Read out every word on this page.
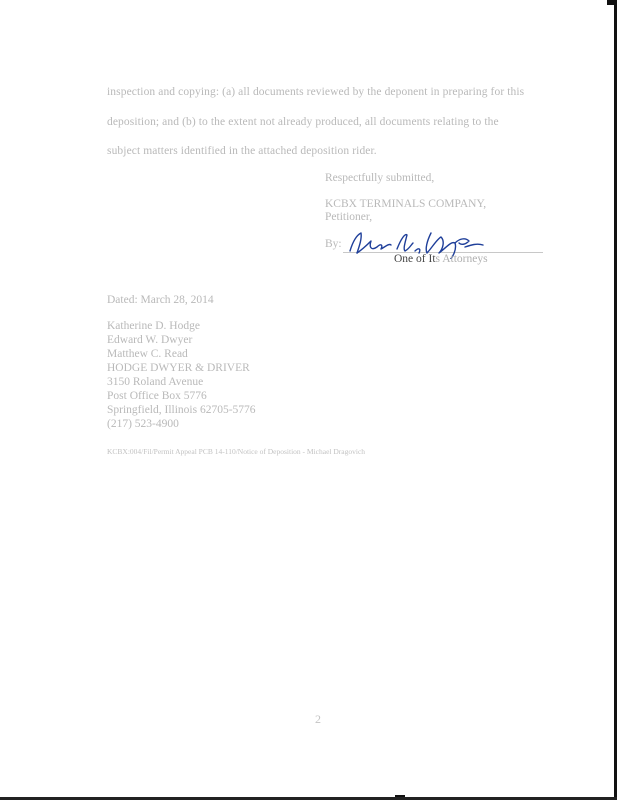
inspection and copying: (a) all documents reviewed by the deponent in preparing for this
deposition; and (b) to the extent not already produced, all documents relating to the
subject matters identified in the attached deposition rider.
Respectfully submitted,
KCBX TERMINALS COMPANY,
Petitioner,
By:
One of Its Attorneys
Dated: March 28, 2014
Katherine D. Hodge
Edward W. Dwyer
Matthew C. Read
HODGE DWYER & DRIVER
3150 Roland Avenue
Post Office Box 5776
Springfield, Illinois 62705-5776
(217) 523-4900
KCBX:004/Fil/Permit Appeal PCB 14-110/Notice of Deposition - Michael Dragovich
2
